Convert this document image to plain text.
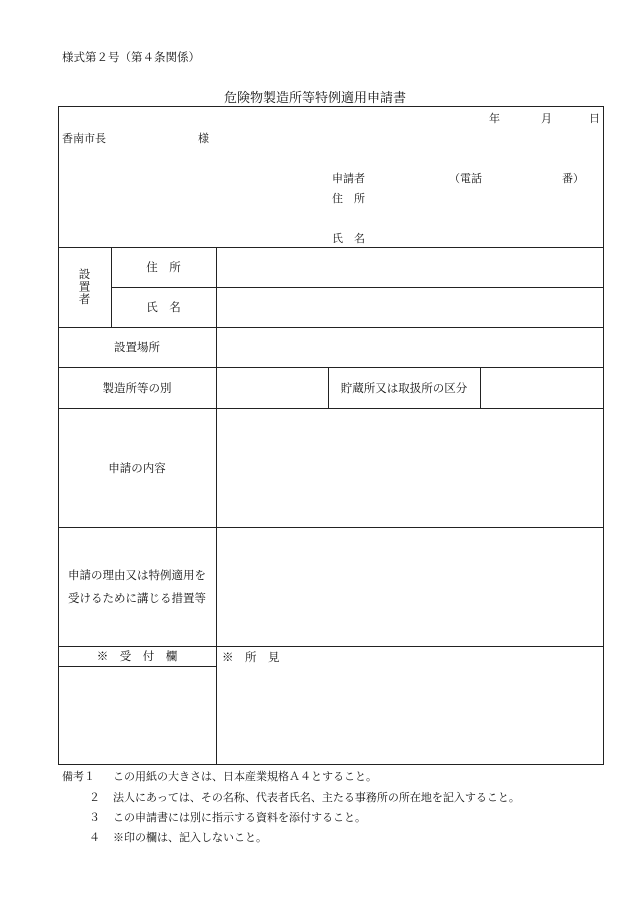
様式第２号（第４条関係）
危険物製造所等特例適用申請書
年	月	日
香南市長	様
申請者	（電話	番）
住　所
氏　名
設置者
住　所
氏　名
設置場所
製造所等の別	貯蔵所又は取扱所の区分
申請の内容
申請の理由又は特例適用を
受けるために講じる措置等
※　受　付　欄	※　所　見
備考１ この用紙の大きさは、日本産業規格Ａ４とすること。
２ 法人にあっては、その名称、代表者氏名、主たる事務所の所在地を記入すること。
３ この申請書には別に指示する資料を添付すること。
４ ※印の欄は、記入しないこと。
